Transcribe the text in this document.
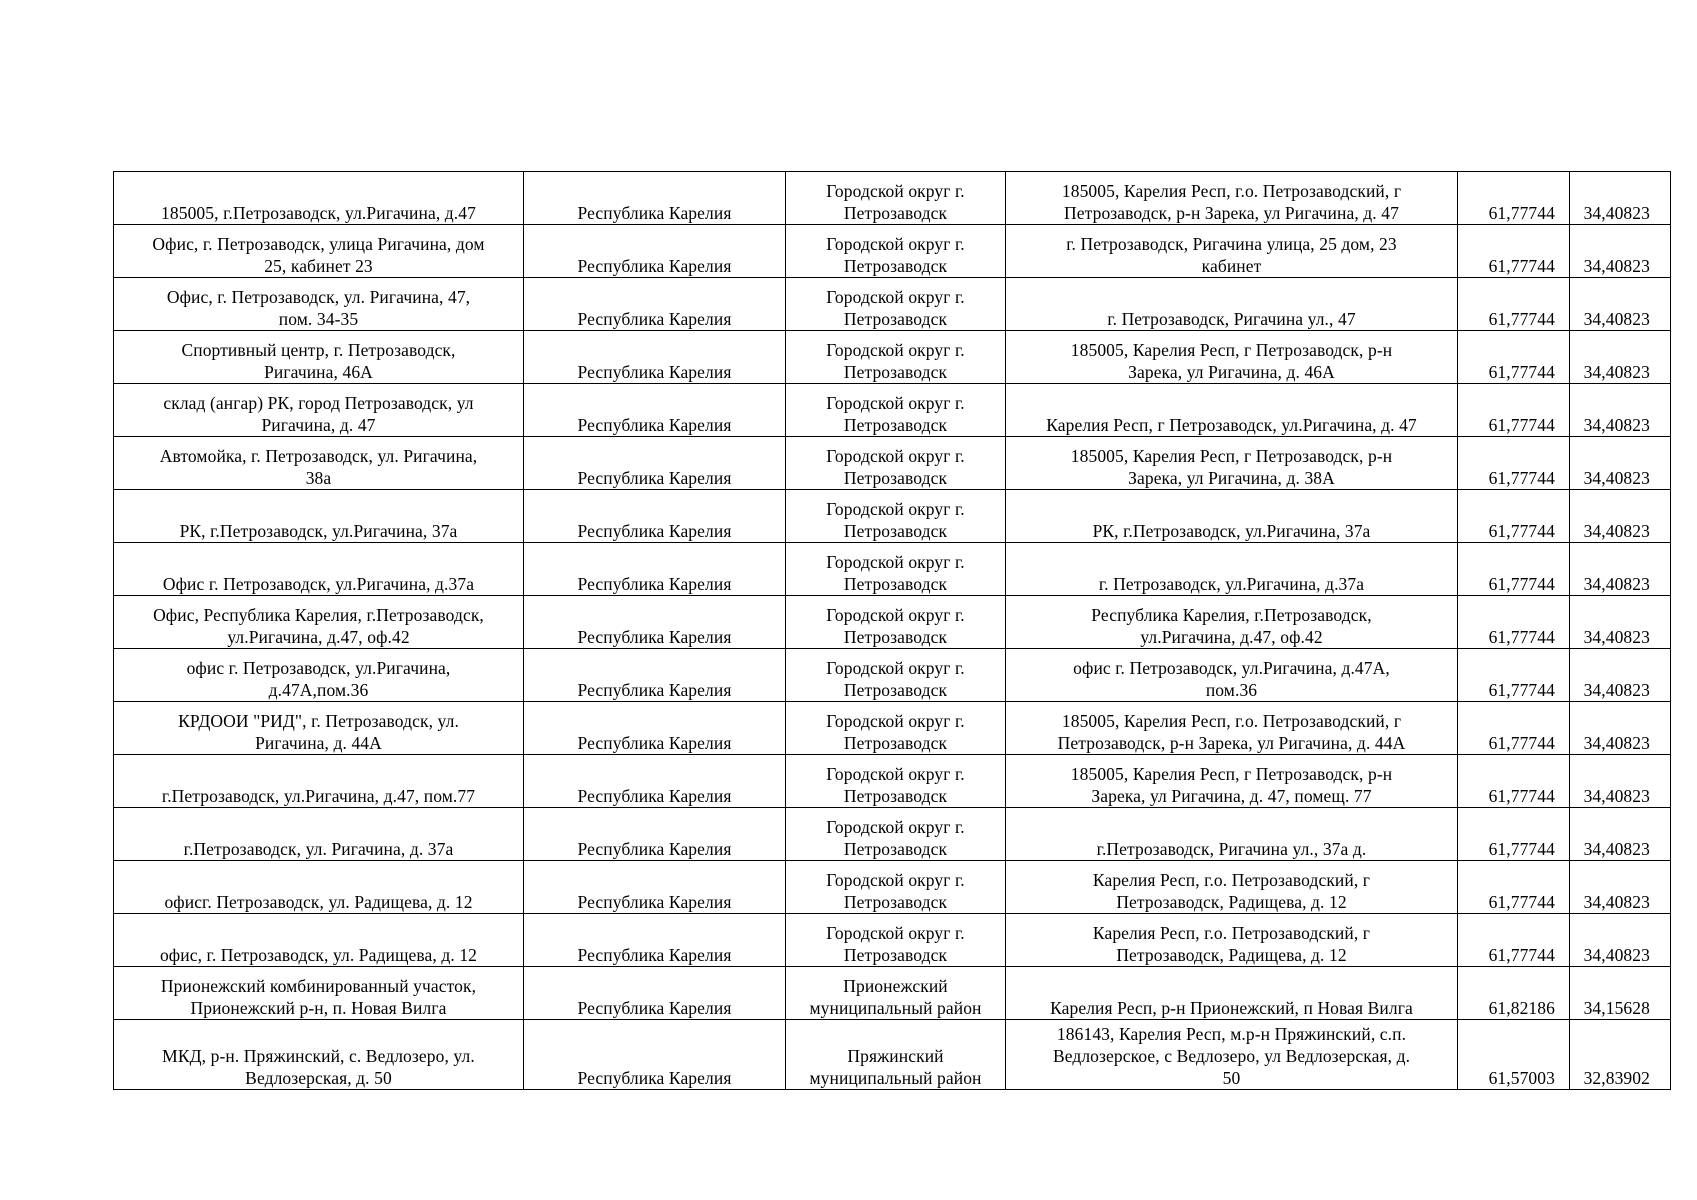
185005, г.Петрозаводск, ул.Ригачина, д.47	Республика Карелия	Городской округ г.
Петрозаводск	185005, Карелия Респ, г.о. Петрозаводский, г
Петрозаводск, р-н Зарека, ул Ригачина, д. 47	61,77744	34,40823
Офис, г. Петрозаводск, улица Ригачина, дом
25, кабинет 23	Республика Карелия	Городской округ г.
Петрозаводск	г. Петрозаводск, Ригачина улица, 25 дом, 23
кабинет	61,77744	34,40823
Офис, г. Петрозаводск, ул. Ригачина, 47,
пом. 34-35	Республика Карелия	Городской округ г.
Петрозаводск	г. Петрозаводск, Ригачина ул., 47	61,77744	34,40823
Спортивный центр, г. Петрозаводск,
Ригачина, 46А	Республика Карелия	Городской округ г.
Петрозаводск	185005, Карелия Респ, г Петрозаводск, р-н
Зарека, ул Ригачина, д. 46А	61,77744	34,40823
склад (ангар) РК, город Петрозаводск, ул
Ригачина, д. 47	Республика Карелия	Городской округ г.
Петрозаводск	Карелия Респ, г Петрозаводск, ул.Ригачина, д. 47	61,77744	34,40823
Автомойка, г. Петрозаводск, ул. Ригачина,
38а	Республика Карелия	Городской округ г.
Петрозаводск	185005, Карелия Респ, г Петрозаводск, р-н
Зарека, ул Ригачина, д. 38А	61,77744	34,40823
РК, г.Петрозаводск, ул.Ригачина, 37а	Республика Карелия	Городской округ г.
Петрозаводск	РК, г.Петрозаводск, ул.Ригачина, 37а	61,77744	34,40823
Офис г. Петрозаводск, ул.Ригачина, д.37а	Республика Карелия	Городской округ г.
Петрозаводск	г. Петрозаводск, ул.Ригачина, д.37а	61,77744	34,40823
Офис, Республика Карелия, г.Петрозаводск,
ул.Ригачина, д.47, оф.42	Республика Карелия	Городской округ г.
Петрозаводск	Республика Карелия, г.Петрозаводск,
ул.Ригачина, д.47, оф.42	61,77744	34,40823
офис г. Петрозаводск, ул.Ригачина,
д.47А,пом.36	Республика Карелия	Городской округ г.
Петрозаводск	офис г. Петрозаводск, ул.Ригачина, д.47А,
пом.36	61,77744	34,40823
КРДООИ "РИД", г. Петрозаводск, ул.
Ригачина, д. 44А	Республика Карелия	Городской округ г.
Петрозаводск	185005, Карелия Респ, г.о. Петрозаводский, г
Петрозаводск, р-н Зарека, ул Ригачина, д. 44А	61,77744	34,40823
г.Петрозаводск, ул.Ригачина, д.47, пом.77	Республика Карелия	Городской округ г.
Петрозаводск	185005, Карелия Респ, г Петрозаводск, р-н
Зарека, ул Ригачина, д. 47, помещ. 77	61,77744	34,40823
г.Петрозаводск, ул. Ригачина, д. 37а	Республика Карелия	Городской округ г.
Петрозаводск	г.Петрозаводск, Ригачина ул., 37а д.	61,77744	34,40823
офисг. Петрозаводск, ул. Радищева, д. 12	Республика Карелия	Городской округ г.
Петрозаводск	Карелия Респ, г.о. Петрозаводский, г
Петрозаводск, Радищева, д. 12	61,77744	34,40823
офис, г. Петрозаводск, ул. Радищева, д. 12	Республика Карелия	Городской округ г.
Петрозаводск	Карелия Респ, г.о. Петрозаводский, г
Петрозаводск, Радищева, д. 12	61,77744	34,40823
Прионежский комбинированный участок,
Прионежский р-н, п. Новая Вилга	Республика Карелия	Прионежский
муниципальный район	Карелия Респ, р-н Прионежский, п Новая Вилга	61,82186	34,15628
МКД, р-н. Пряжинский, с. Ведлозеро, ул.
Ведлозерская, д. 50	Республика Карелия	Пряжинский
муниципальный район	186143, Карелия Респ, м.р-н Пряжинский, с.п.
Ведлозерское, с Ведлозеро, ул Ведлозерская, д.
50	61,57003	32,83902
